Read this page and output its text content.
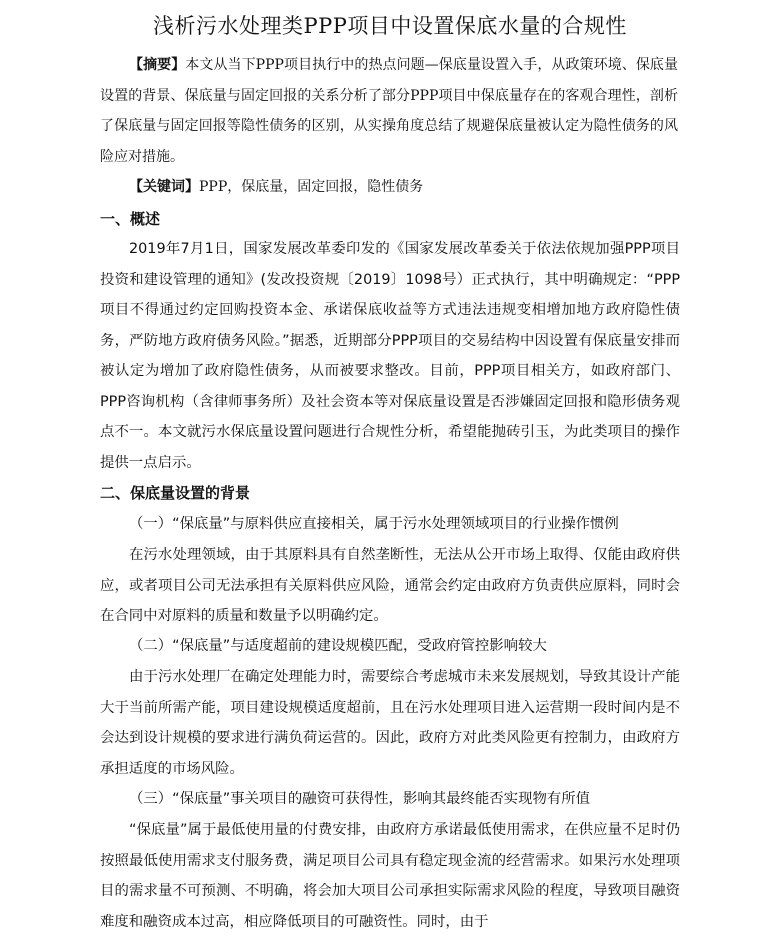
浅析污水处理类PPP项目中设置保底水量的合规性

【摘要】本文从当下PPP项目执行中的热点问题—保底量设置入手，从政策环境、保底量设置的背景、保底量与固定回报的关系分析了部分PPP项目中保底量存在的客观合理性，剖析了保底量与固定回报等隐性债务的区别，从实操角度总结了规避保底量被认定为隐性债务的风险应对措施。

【关键词】PPP，保底量，固定回报，隐性债务

一、概述

2019年7月1日，国家发展改革委印发的《国家发展改革委关于依法依规加强PPP项目投资和建设管理的通知》(发改投资规〔2019〕1098号）正式执行，其中明确规定：“PPP项目不得通过约定回购投资本金、承诺保底收益等方式违法违规变相增加地方政府隐性债务，严防地方政府债务风险。”据悉，近期部分PPP项目的交易结构中因设置有保底量安排而被认定为增加了政府隐性债务，从而被要求整改。目前，PPP项目相关方，如政府部门、PPP咨询机构（含律师事务所）及社会资本等对保底量设置是否涉嫌固定回报和隐形债务观点不一。本文就污水保底量设置问题进行合规性分析，希望能抛砖引玉，为此类项目的操作提供一点启示。

二、保底量设置的背景

（一）“保底量”与原料供应直接相关，属于污水处理领域项目的行业操作惯例

在污水处理领域，由于其原料具有自然垄断性，无法从公开市场上取得、仅能由政府供应，或者项目公司无法承担有关原料供应风险，通常会约定由政府方负责供应原料，同时会在合同中对原料的质量和数量予以明确约定。

（二）“保底量”与适度超前的建设规模匹配，受政府管控影响较大

由于污水处理厂在确定处理能力时，需要综合考虑城市未来发展规划，导致其设计产能大于当前所需产能，项目建设规模适度超前，且在污水处理项目进入运营期一段时间内是不会达到设计规模的要求进行满负荷运营的。因此，政府方对此类风险更有控制力，由政府方承担适度的市场风险。

（三）“保底量”事关项目的融资可获得性，影响其最终能否实现物有所值

“保底量”属于最低使用量的付费安排，由政府方承诺最低使用需求，在供应量不足时仍按照最低使用需求支付服务费，满足项目公司具有稳定现金流的经营需求。如果污水处理项目的需求量不可预测、不明确，将会加大项目公司承担实际需求风险的程度，导致项目融资难度和融资成本过高，相应降低项目的可融资性。同时，由于
